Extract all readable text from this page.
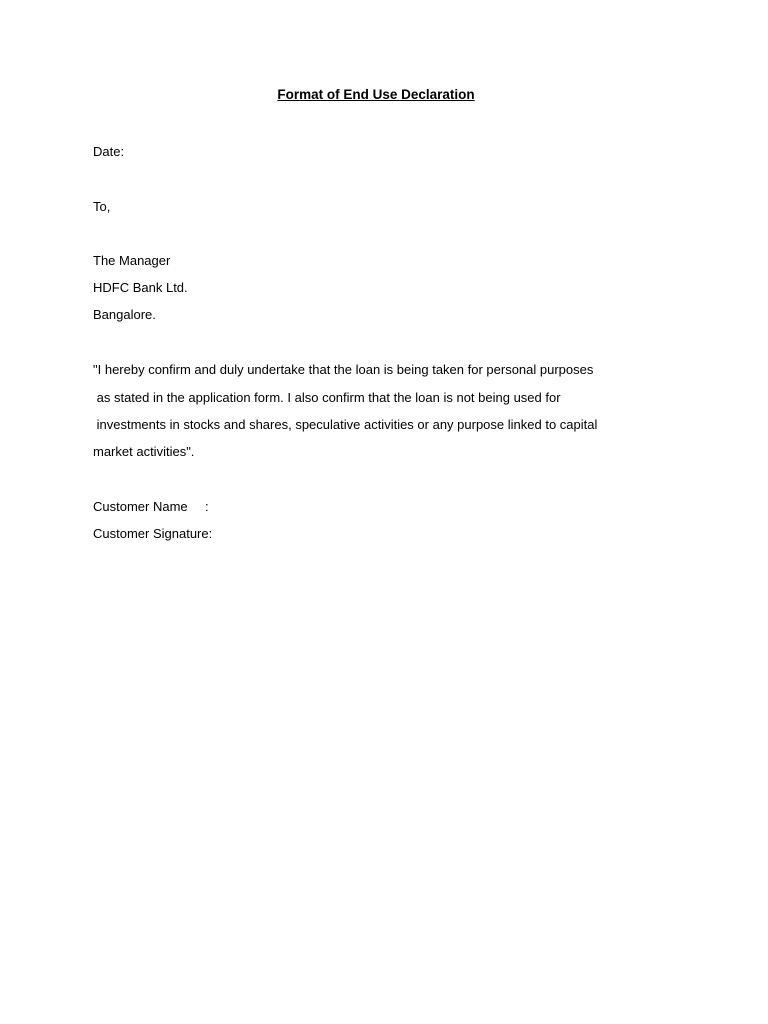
Format of End Use Declaration
Date:
To,
The Manager
HDFC Bank Ltd.
Bangalore.
"I hereby confirm and duly undertake that the loan is being taken for personal purposes
as stated in the application form. I also confirm that the loan is not being used for
investments in stocks and shares, speculative activities or any purpose linked to capital
market activities".
Customer Name :
Customer Signature:
